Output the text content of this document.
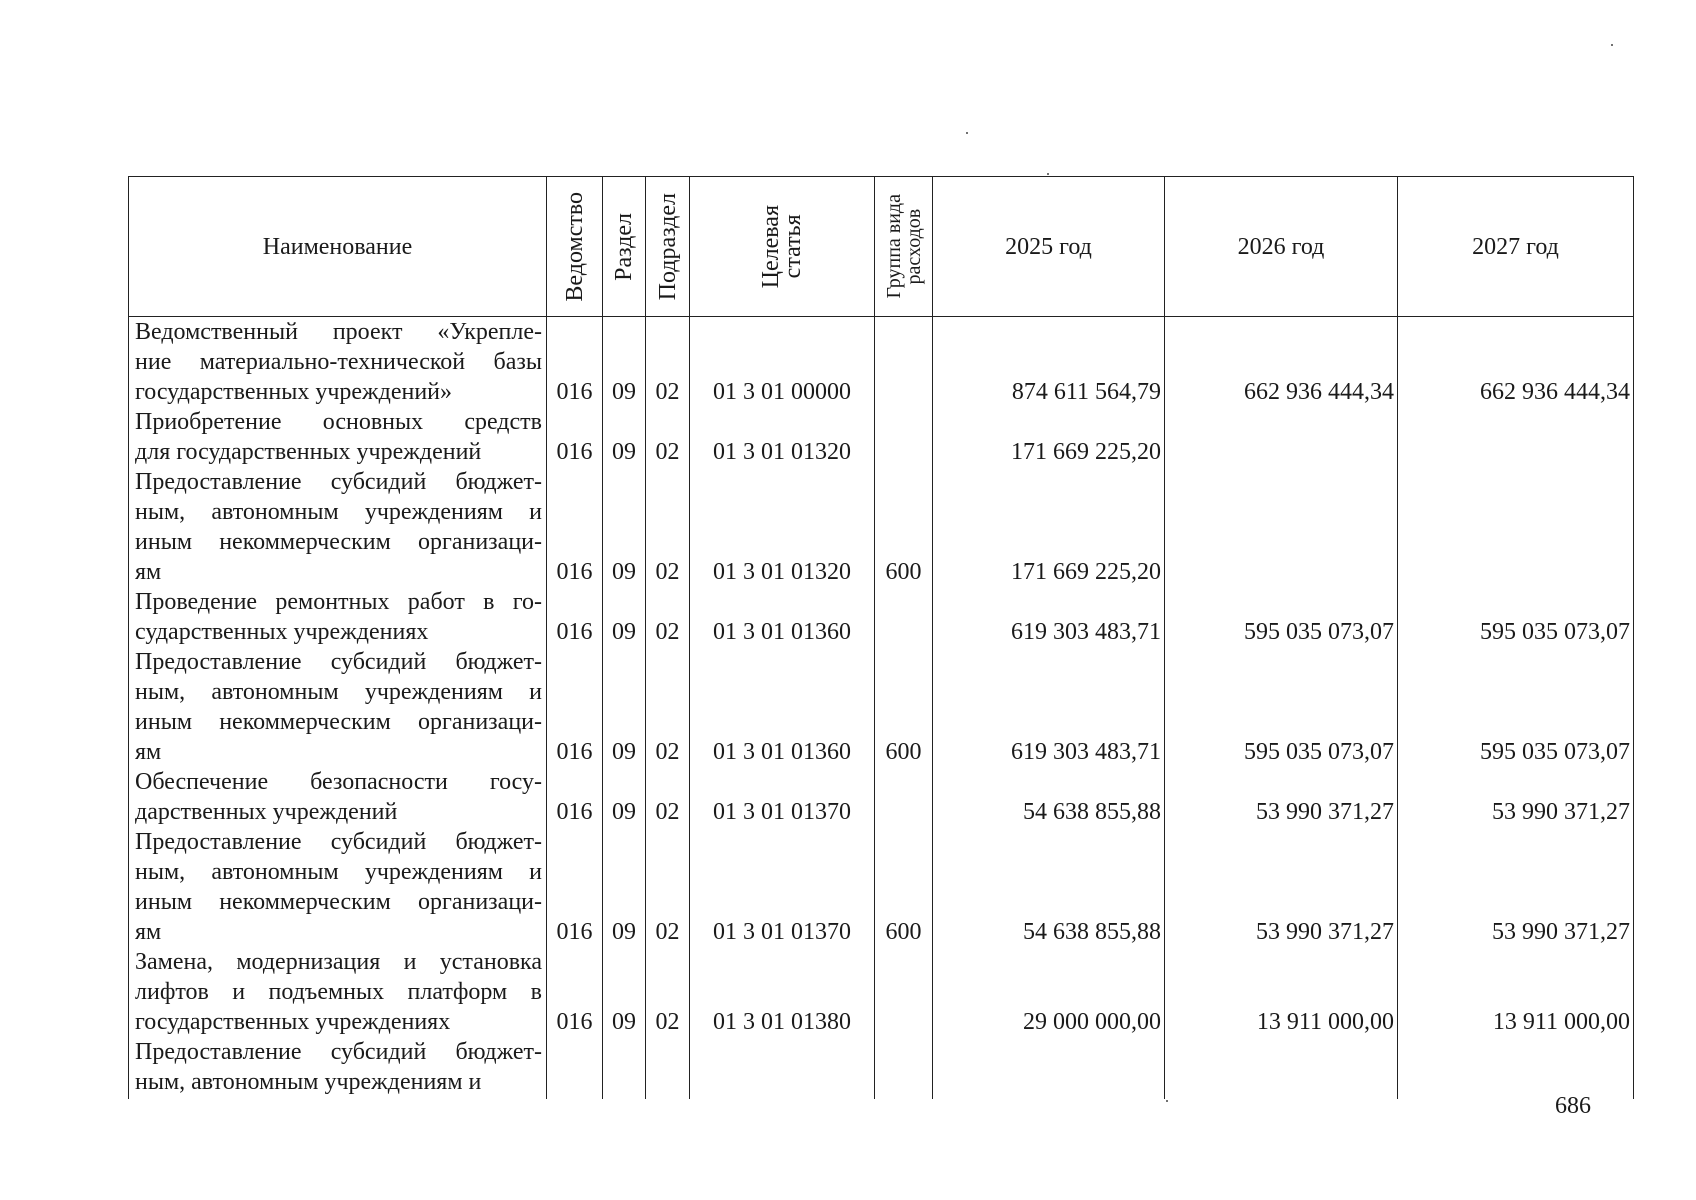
Наименование	Ведомство	Раздел	Подраздел	Целевая
статья	Группа вида
расходов	2025 год	2026 год	2027 год

Ведомственный проект «Укрепле-
ние материально-технической базы
государственных учреждений»	016	09	02	01 3 01 00000		874 611 564,79	662 936 444,34	662 936 444,34

Приобретение основных средств
для государственных учреждений	016	09	02	01 3 01 01320		171 669 225,20		

Предоставление субсидий бюджет-
ным, автономным учреждениям и
иным некоммерческим организаци-
ям	016	09	02	01 3 01 01320	600	171 669 225,20		

Проведение ремонтных работ в го-
сударственных учреждениях	016	09	02	01 3 01 01360		619 303 483,71	595 035 073,07	595 035 073,07

Предоставление субсидий бюджет-
ным, автономным учреждениям и
иным некоммерческим организаци-
ям	016	09	02	01 3 01 01360	600	619 303 483,71	595 035 073,07	595 035 073,07

Обеспечение безопасности госу-
дарственных учреждений	016	09	02	01 3 01 01370		54 638 855,88	53 990 371,27	53 990 371,27

Предоставление субсидий бюджет-
ным, автономным учреждениям и
иным некоммерческим организаци-
ям	016	09	02	01 3 01 01370	600	54 638 855,88	53 990 371,27	53 990 371,27

Замена, модернизация и установка
лифтов и подъемных платформ в
государственных учреждениях	016	09	02	01 3 01 01380		29 000 000,00	13 911 000,00	13 911 000,00

Предоставление субсидий бюджет-
ным, автономным учреждениям и								

686
